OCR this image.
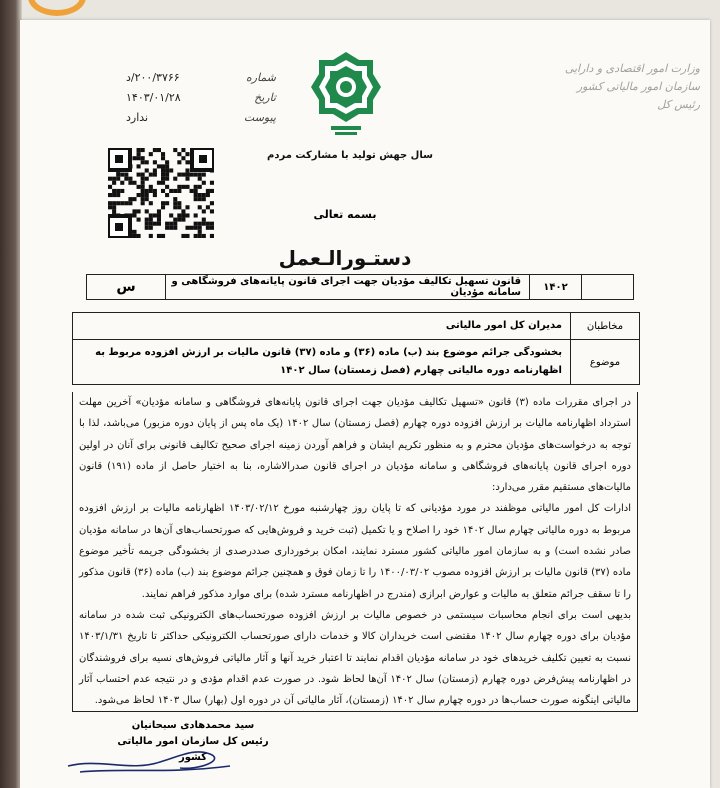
وزارت امور اقتصادی و دارایی
سازمان امور مالیاتی کشور
رئیس کل
شماره
۲۰۰/۳۷۶۶/د
تاریخ
۱۴۰۳/۰۱/۲۸
پیوست
ندارد
سال جهش تولید با مشارکت مردم
بسمه تعالی
دستـورالـعمل
۱۴۰۲
قانون تسهیل تکالیف مؤدیان جهت اجرای قانون پایانه‌های فروشگاهی و سامانه مؤدیان
س
مخاطبان
مدیران کل امور مالیاتی
موضوع
بخشودگی جرائم موضوع بند (ب) ماده (۳۶) و ماده (۳۷) قانون مالیات بر ارزش افزوده مربوط به اظهارنامه دوره مالیاتی چهارم (فصل زمستان) سال ۱۴۰۲

در اجرای مقررات ماده (۳) قانون «تسهیل تکالیف مؤدیان جهت اجرای قانون پایانه‌های فروشگاهی و سامانه مؤدیان» آخرین مهلت استرداد اظهارنامه مالیات بر ارزش افزوده دوره چهارم (فصل زمستان) سال ۱۴۰۲ (یک ماه پس از پایان دوره مزبور) می‌باشد، لذا با توجه به درخواست‌های مؤدیان محترم و به منظور تکریم ایشان و فراهم آوردن زمینه اجرای صحیح تکالیف قانونی برای آنان در اولین دوره اجرای قانون پایانه‌های فروشگاهی و سامانه مؤدیان در اجرای قانون صدرالاشاره، بنا به اختیار حاصل از ماده (۱۹۱) قانون مالیات‌های مستقیم مقرر می‌دارد:

ادارات کل امور مالیاتی موظفند در مورد مؤدیانی که تا پایان روز چهارشنبه مورخ ۱۴۰۳/۰۲/۱۲ اظهارنامه مالیات بر ارزش افزوده مربوط به دوره مالیاتی چهارم سال ۱۴۰۲ خود را اصلاح و یا تکمیل (ثبت خرید و فروش‌هایی که صورتحساب‌های آن‌ها در سامانه مؤدیان صادر نشده است) و به سازمان امور مالیاتی کشور مسترد نمایند، امکان برخورداری صددرصدی از بخشودگی جریمه تأخیر موضوع ماده (۳۷) قانون مالیات بر ارزش افزوده مصوب ۱۴۰۰/۰۳/۰۲ را تا زمان فوق و همچنین جرائم موضوع بند (ب) ماده (۳۶) قانون مذکور را تا سقف جرائم متعلق به مالیات و عوارض ابرازی (مندرج در اظهارنامه مسترد شده) برای موارد مذکور فراهم نمایند.

بدیهی است برای انجام محاسبات سیستمی در خصوص مالیات بر ارزش افزوده صورتحساب‌های الکترونیکی ثبت شده در سامانه مؤدیان برای دوره چهارم سال ۱۴۰۲ مقتضی است خریداران کالا و خدمات دارای صورتحساب الکترونیکی حداکثر تا تاریخ ۱۴۰۳/۱/۳۱ نسبت به تعیین تکلیف خریدهای خود در سامانه مؤدیان اقدام نمایند تا اعتبار خرید آنها و آثار مالیاتی فروش‌های نسیه برای فروشندگان در اظهارنامه پیش‌فرض دوره چهارم (زمستان) سال ۱۴۰۲ آن‌ها لحاظ شود. در صورت عدم اقدام مؤدی و در نتیجه عدم احتساب آثار مالیاتی اینگونه صورت حساب‌ها در دوره چهارم سال ۱۴۰۲ (زمستان)، آثار مالیاتی آن در دوره اول (بهار) سال ۱۴۰۳ لحاظ می‌شود.

سید محمدهادی سبحانیان
رئیس کل سازمان امور مالیاتی کشور
